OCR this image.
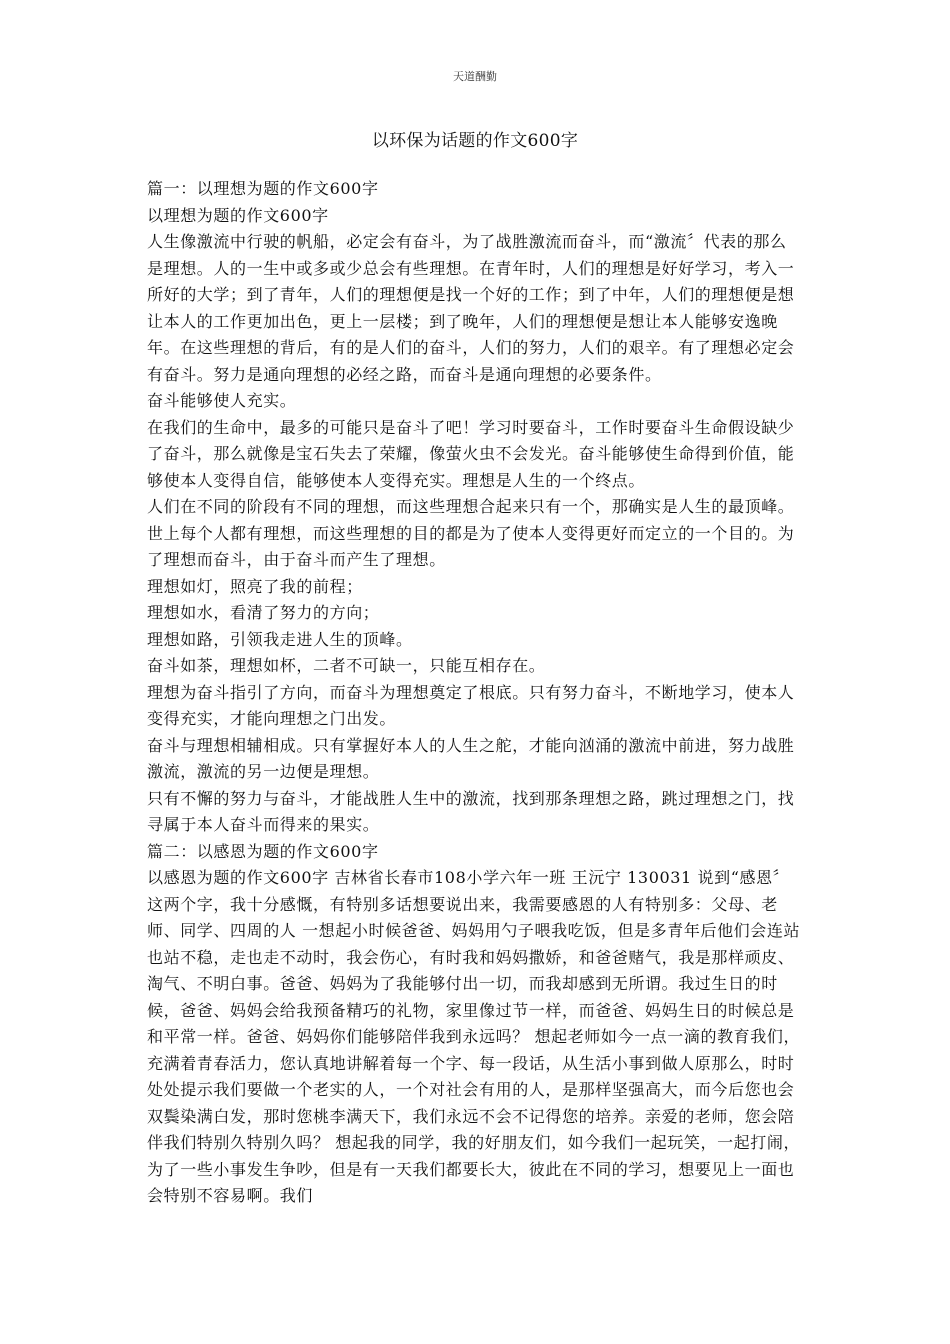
天道酬勤
以环保为话题的作文600字

篇一：以理想为题的作文600字

以理想为题的作文600字

人生像激流中行驶的帆船，必定会有奋斗，为了战胜激流而奋斗，而“激流〞代表的那么是理想。人的一生中或多或少总会有些理想。在青年时，人们的理想是好好学习，考入一所好的大学；到了青年，人们的理想便是找一个好的工作；到了中年，人们的理想便是想让本人的工作更加出色，更上一层楼；到了晚年，人们的理想便是想让本人能够安逸晚年。在这些理想的背后，有的是人们的奋斗，人们的努力，人们的艰辛。有了理想必定会有奋斗。努力是通向理想的必经之路，而奋斗是通向理想的必要条件。

奋斗能够使人充实。

在我们的生命中，最多的可能只是奋斗了吧！学习时要奋斗，工作时要奋斗生命假设缺少了奋斗，那么就像是宝石失去了荣耀，像萤火虫不会发光。奋斗能够使生命得到价值，能够使本人变得自信，能够使本人变得充实。理想是人生的一个终点。

人们在不同的阶段有不同的理想，而这些理想合起来只有一个，那确实是人生的最顶峰。世上每个人都有理想，而这些理想的目的都是为了使本人变得更好而定立的一个目的。为了理想而奋斗，由于奋斗而产生了理想。

理想如灯，照亮了我的前程；

理想如水，看清了努力的方向；

理想如路，引领我走进人生的顶峰。

奋斗如茶，理想如杯，二者不可缺一，只能互相存在。

理想为奋斗指引了方向，而奋斗为理想奠定了根底。只有努力奋斗，不断地学习，使本人变得充实，才能向理想之门出发。

奋斗与理想相辅相成。只有掌握好本人的人生之舵，才能向汹涌的激流中前进，努力战胜激流，激流的另一边便是理想。

只有不懈的努力与奋斗，才能战胜人生中的激流，找到那条理想之路，跳过理想之门，找寻属于本人奋斗而得来的果实。

篇二：以感恩为题的作文600字

以感恩为题的作文600字 吉林省长春市108小学六年一班 王沅宁 130031 说到“感恩〞这两个字，我十分感慨，有特别多话想要说出来，我需要感恩的人有特别多：父母、老师、同学、四周的人 一想起小时候爸爸、妈妈用勺子喂我吃饭，但是多青年后他们会连站也站不稳，走也走不动时，我会伤心，有时我和妈妈撒娇，和爸爸赌气，我是那样顽皮、淘气、不明白事。爸爸、妈妈为了我能够付出一切，而我却感到无所谓。我过生日的时候，爸爸、妈妈会给我预备精巧的礼物，家里像过节一样，而爸爸、妈妈生日的时候总是和平常一样。爸爸、妈妈你们能够陪伴我到永远吗？ 想起老师如今一点一滴的教育我们，充满着青春活力，您认真地讲解着每一个字、每一段话，从生活小事到做人原那么，时时处处提示我们要做一个老实的人，一个对社会有用的人，是那样坚强高大，而今后您也会双鬓染满白发，那时您桃李满天下，我们永远不会不记得您的培养。亲爱的老师，您会陪伴我们特别久特别久吗？ 想起我的同学，我的好朋友们，如今我们一起玩笑，一起打闹，为了一些小事发生争吵，但是有一天我们都要长大，彼此在不同的学习，想要见上一面也会特别不容易啊。我们
